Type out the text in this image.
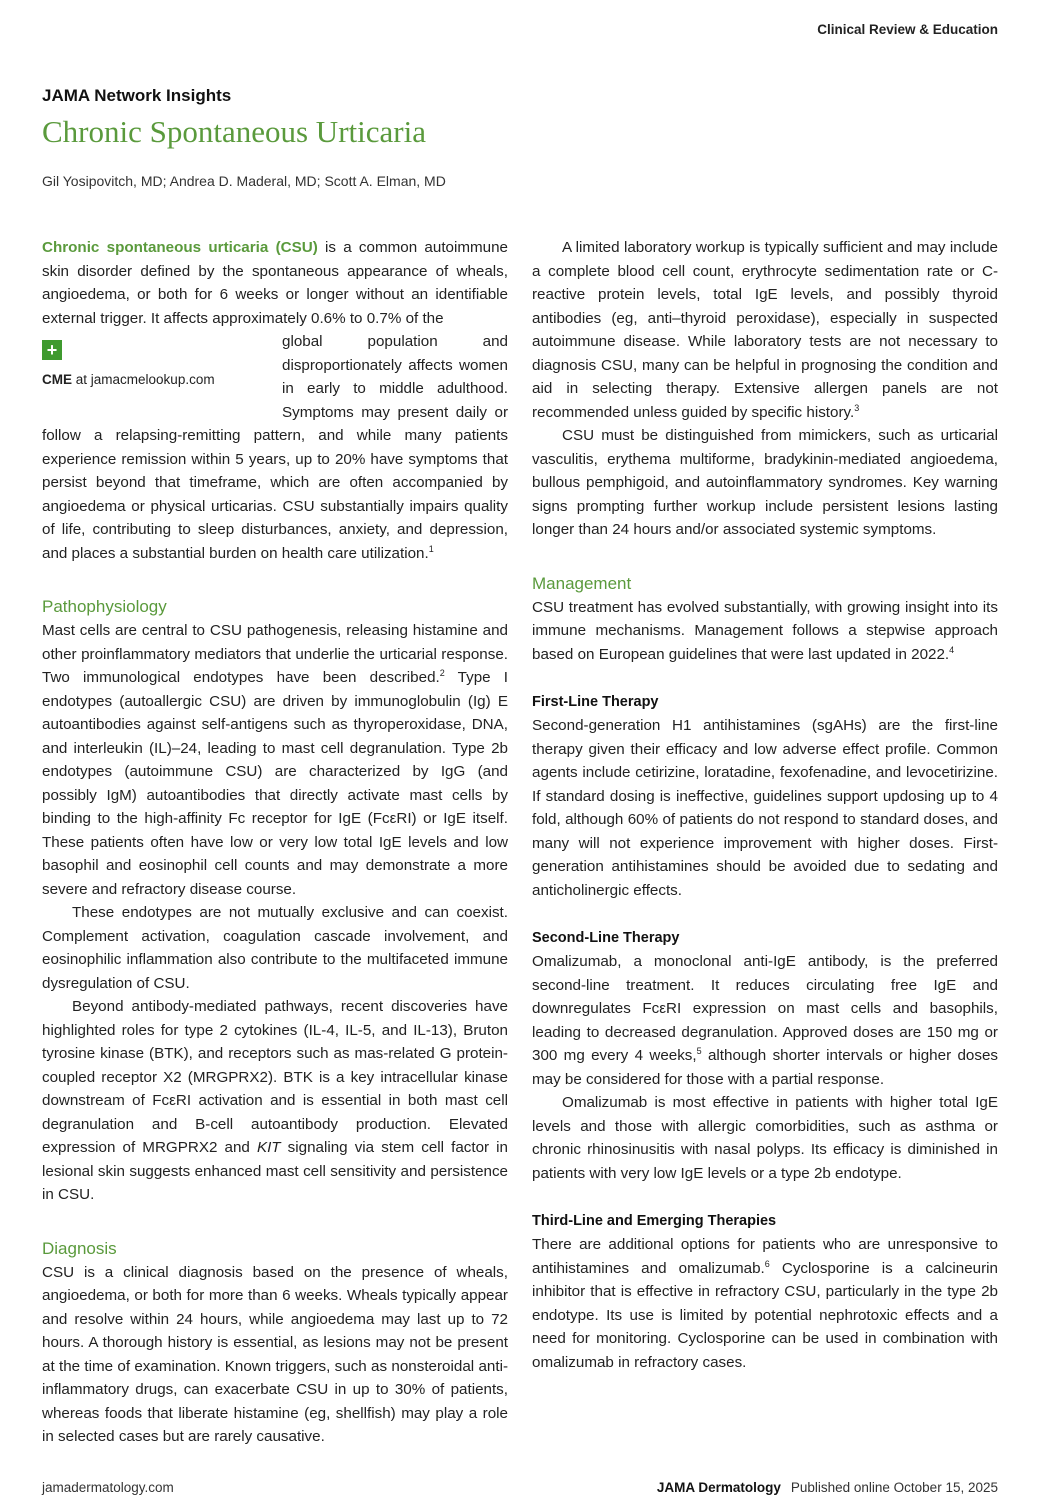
Clinical Review & Education
JAMA Network Insights
Chronic Spontaneous Urticaria
Gil Yosipovitch, MD; Andrea D. Maderal, MD; Scott A. Elman, MD

Chronic spontaneous urticaria (CSU) is a common autoimmune skin disorder defined by the spontaneous appearance of wheals, angioedema, or both for 6 weeks or longer without an identifiable external trigger. It affects approximately 0.6% to 0.7% of the

+
CME at jamacmelookup.com

global population and disproportionately affects women in early to middle adulthood. Symptoms may present daily or follow a relapsing-remitting pattern, and while many patients experience remission within 5 years, up to 20% have symptoms that persist beyond that timeframe, which are often accompanied by angioedema or physical urticarias. CSU substantially impairs quality of life, contributing to sleep disturbances, anxiety, and depression, and places a substantial burden on health care utilization.$^1$

Pathophysiology

Mast cells are central to CSU pathogenesis, releasing histamine and other proinflammatory mediators that underlie the urticarial response. Two immunological endotypes have been described.$^2$ Type I endotypes (autoallergic CSU) are driven by immunoglobulin (Ig) E autoantibodies against self-antigens such as thyroperoxidase, DNA, and interleukin (IL)–24, leading to mast cell degranulation. Type 2b endotypes (autoimmune CSU) are characterized by IgG (and possibly IgM) autoantibodies that directly activate mast cells by binding to the high-affinity Fc receptor for IgE (FcεRI) or IgE itself. These patients often have low or very low total IgE levels and low basophil and eosinophil cell counts and may demonstrate a more severe and refractory disease course.

These endotypes are not mutually exclusive and can coexist. Complement activation, coagulation cascade involvement, and eosinophilic inflammation also contribute to the multifaceted immune dysregulation of CSU.

Beyond antibody-mediated pathways, recent discoveries have highlighted roles for type 2 cytokines (IL-4, IL-5, and IL-13), Bruton tyrosine kinase (BTK), and receptors such as mas-related G protein-coupled receptor X2 (MRGPRX2). BTK is a key intracellular kinase downstream of FcεRI activation and is essential in both mast cell degranulation and B-cell autoantibody production. Elevated expression of MRGPRX2 and KIT signaling via stem cell factor in lesional skin suggests enhanced mast cell sensitivity and persistence in CSU.

Diagnosis

CSU is a clinical diagnosis based on the presence of wheals, angioedema, or both for more than 6 weeks. Wheals typically appear and resolve within 24 hours, while angioedema may last up to 72 hours. A thorough history is essential, as lesions may not be present at the time of examination. Known triggers, such as nonsteroidal anti-inflammatory drugs, can exacerbate CSU in up to 30% of patients, whereas foods that liberate histamine (eg, shellfish) may play a role in selected cases but are rarely causative.

A limited laboratory workup is typically sufficient and may include a complete blood cell count, erythrocyte sedimentation rate or C-reactive protein levels, total IgE levels, and possibly thyroid antibodies (eg, anti–thyroid peroxidase), especially in suspected autoimmune disease. While laboratory tests are not necessary to diagnosis CSU, many can be helpful in prognosing the condition and aid in selecting therapy. Extensive allergen panels are not recommended unless guided by specific history.$^3$

CSU must be distinguished from mimickers, such as urticarial vasculitis, erythema multiforme, bradykinin-mediated angioedema, bullous pemphigoid, and autoinflammatory syndromes. Key warning signs prompting further workup include persistent lesions lasting longer than 24 hours and/or associated systemic symptoms.

Management

CSU treatment has evolved substantially, with growing insight into its immune mechanisms. Management follows a stepwise approach based on European guidelines that were last updated in 2022.$^4$

First-Line Therapy

Second-generation H1 antihistamines (sgAHs) are the first-line therapy given their efficacy and low adverse effect profile. Common agents include cetirizine, loratadine, fexofenadine, and levocetirizine. If standard dosing is ineffective, guidelines support updosing up to 4 fold, although 60% of patients do not respond to standard doses, and many will not experience improvement with higher doses. First-generation antihistamines should be avoided due to sedating and anticholinergic effects.

Second-Line Therapy

Omalizumab, a monoclonal anti-IgE antibody, is the preferred second-line treatment. It reduces circulating free IgE and downregulates FcεRI expression on mast cells and basophils, leading to decreased degranulation. Approved doses are 150 mg or 300 mg every 4 weeks,$^5$ although shorter intervals or higher doses may be considered for those with a partial response.

Omalizumab is most effective in patients with higher total IgE levels and those with allergic comorbidities, such as asthma or chronic rhinosinusitis with nasal polyps. Its efficacy is diminished in patients with very low IgE levels or a type 2b endotype.

Third-Line and Emerging Therapies

There are additional options for patients who are unresponsive to antihistamines and omalizumab.$^6$ Cyclosporine is a calcineurin inhibitor that is effective in refractory CSU, particularly in the type 2b endotype. Its use is limited by potential nephrotoxic effects and a need for monitoring. Cyclosporine can be used in combination with omalizumab in refractory cases.

jamadermatology.com	JAMA Dermatology Published online October 15, 2025
